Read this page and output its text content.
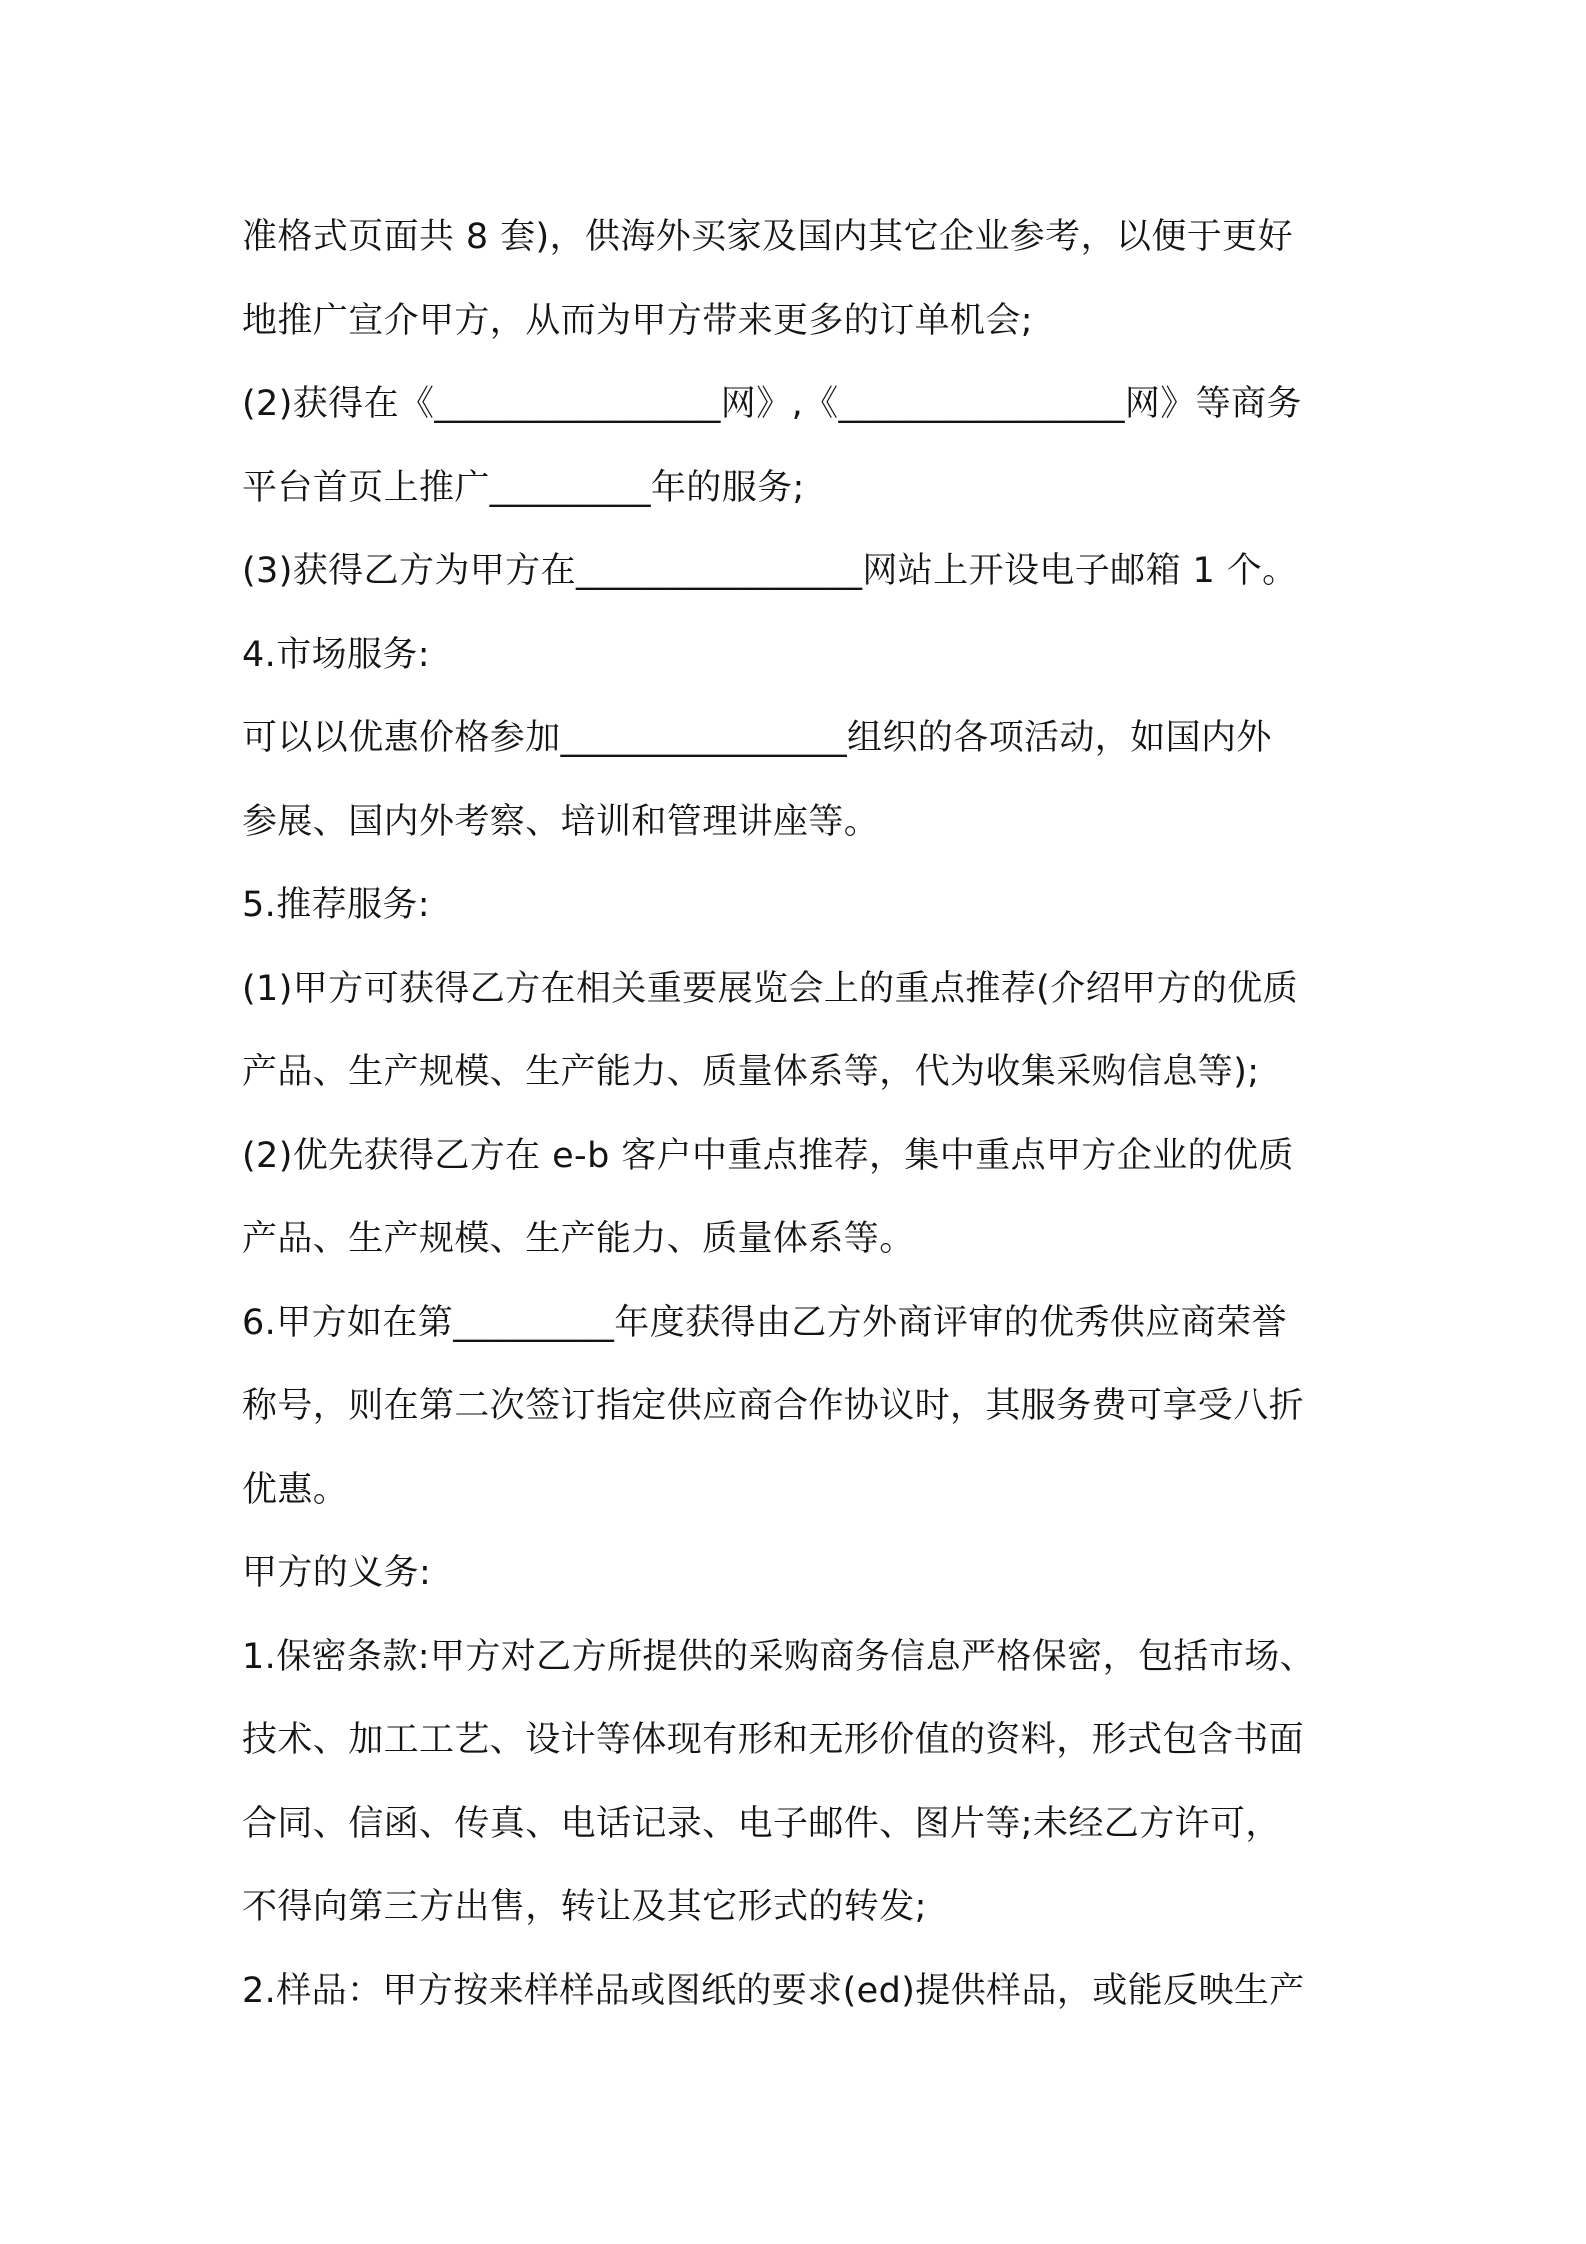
准格式页面共 8 套)，供海外买家及国内其它企业参考，以便于更好
地推广宣介甲方，从而为甲方带来更多的订单机会;

(2)获得在《________________网》,《________________网》等商务
平台首页上推广_________年的服务;

(3)获得乙方为甲方在________________网站上开设电子邮箱 1 个。

4.市场服务:

可以以优惠价格参加________________组织的各项活动，如国内外
参展、国内外考察、培训和管理讲座等。

5.推荐服务:

(1)甲方可获得乙方在相关重要展览会上的重点推荐(介绍甲方的优质
产品、生产规模、生产能力、质量体系等，代为收集采购信息等);

(2)优先获得乙方在 e-b 客户中重点推荐，集中重点甲方企业的优质
产品、生产规模、生产能力、质量体系等。

6.甲方如在第_________年度获得由乙方外商评审的优秀供应商荣誉
称号，则在第二次签订指定供应商合作协议时，其服务费可享受八折
优惠。

甲方的义务:

1.保密条款:甲方对乙方所提供的采购商务信息严格保密，包括市场、
技术、加工工艺、设计等体现有形和无形价值的资料，形式包含书面
合同、信函、传真、电话记录、电子邮件、图片等;未经乙方许可，
不得向第三方出售，转让及其它形式的转发;

2.样品：甲方按来样样品或图纸的要求(ed)提供样品，或能反映生产
